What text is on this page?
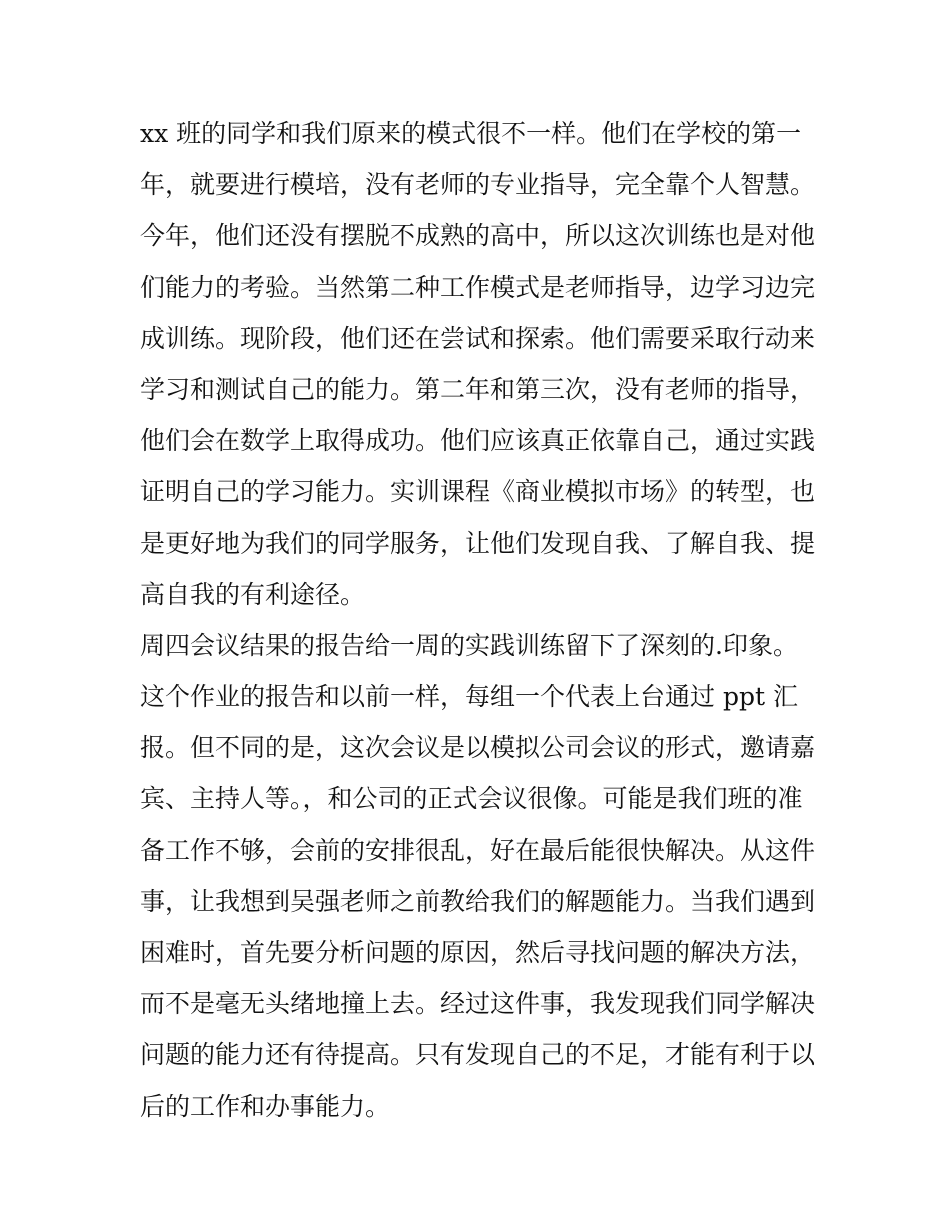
xx 班的同学和我们原来的模式很不一样。他们在学校的第一
年，就要进行模培，没有老师的专业指导，完全靠个人智慧。
今年，他们还没有摆脱不成熟的高中，所以这次训练也是对他
们能力的考验。当然第二种工作模式是老师指导，边学习边完
成训练。现阶段，他们还在尝试和探索。他们需要采取行动来
学习和测试自己的能力。第二年和第三次，没有老师的指导，
他们会在数学上取得成功。他们应该真正依靠自己，通过实践
证明自己的学习能力。实训课程《商业模拟市场》的转型，也
是更好地为我们的同学服务，让他们发现自我、了解自我、提
高自我的有利途径。
周四会议结果的报告给一周的实践训练留下了深刻的.印象。
这个作业的报告和以前一样，每组一个代表上台通过 ppt 汇
报。但不同的是，这次会议是以模拟公司会议的形式，邀请嘉
宾、主持人等。，和公司的正式会议很像。可能是我们班的准
备工作不够，会前的安排很乱，好在最后能很快解决。从这件
事，让我想到吴强老师之前教给我们的解题能力。当我们遇到
困难时，首先要分析问题的原因，然后寻找问题的解决方法，
而不是毫无头绪地撞上去。经过这件事，我发现我们同学解决
问题的能力还有待提高。只有发现自己的不足，才能有利于以
后的工作和办事能力。
